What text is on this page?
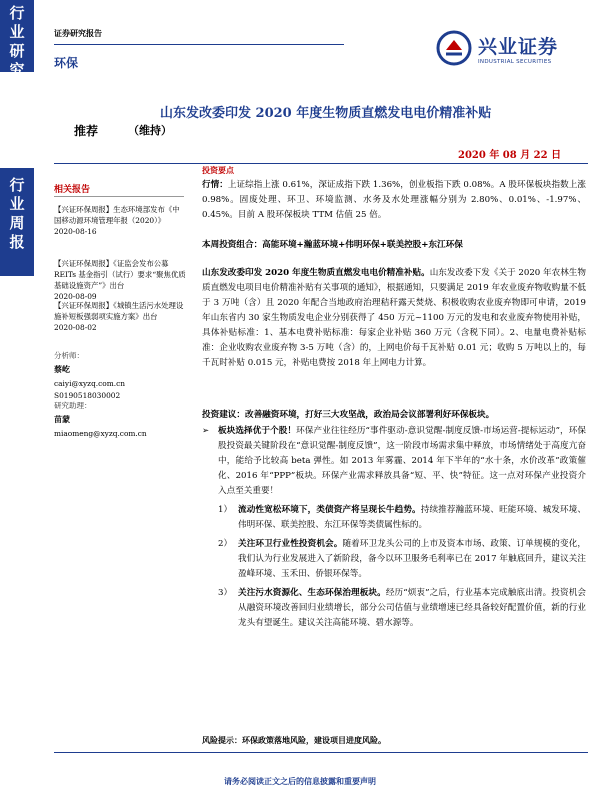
行
业
研
究
行
业
周
报
证券研究报告
环保
兴业证券
INDUSTRIAL SECURITIES
山东发改委印发 2020 年度生物质直燃发电电价精准补贴
推荐	（维持）
2020 年 08 月 22 日
投资要点
相关报告
【兴证环保周报】生态环境部发布《中国移动源环境管理年报（2020）》
2020-08-16
【兴证环保周报】《证监会发布公募 REITs 基金指引（试行）要求“聚焦优质基础设施资产”》出台
2020-08-09
【兴证环保周报】《城镇生活污水处理设施补短板强弱项实施方案》出台
2020-08-02
分析师：
蔡屹
caiyi@xyzq.com.cn
S0190518030002
研究助理：
苗蒙
miaomeng@xyzq.com.cn
行情：上证综指上涨 0.61%，深证成指下跌 1.36%，创业板指下跌 0.08%。A 股环保板块指数上涨 0.98%。固废处理、环卫、环境监测、水务及水处理涨幅分别为 2.80%、0.01%、-1.97%、0.45%。目前 A 股环保板块 TTM 估值 25 倍。
本周投资组合：高能环境+瀚蓝环境+伟明环保+联美控股+东江环保
山东发改委印发 2020 年度生物质直燃发电电价精准补贴。山东发改委下发《关于 2020 年农林生物质直燃发电项目电价精准补贴有关事项的通知》，根据通知，只要满足 2019 年农业废弃物收购量不低于 3 万吨（含）且 2020 年配合当地政府治理秸秆露天焚烧、积极收购农业废弃物即可申请，2019 年山东省内 30 家生物质发电企业分别获得了 450 万元~1100 万元的发电和农业废弃物使用补贴，具体补贴标准：1、基本电费补贴标准：每家企业补贴 360 万元（含税下同）。2、电量电费补贴标准：企业收购农业废弃物 3-5 万吨（含）的，上网电价每千瓦补贴 0.01 元；收购 5 万吨以上的，每千瓦时补贴 0.015 元，补贴电费按 2018 年上网电力计算。
投资建议：改善融资环境，打好三大攻坚战，政治局会议部署利好环保板块。
➢	板块选择优于个股！环保产业往往经历“事件驱动-意识觉醒-制度反馈-市场运营-提标运动”，环保股投资最关键阶段在“意识觉醒-制度反馈”，这一阶段市场需求集中释放，市场情绪处于高度亢奋中，能给予比较高 beta 弹性。如 2013 年雾霾、2014 年下半年的“水十条，水价改革”政策催化、2016 年“PPP”板块。环保产业需求释放具备“短、平、快”特征。这一点对环保产业投资介入点至关重要！
1） 流动性宽松环境下，类债资产将呈现长牛趋势。持续推荐瀚蓝环境、旺能环境、城发环境、伟明环保、联美控股、东江环保等类债属性标的。
2） 关注环卫行业性投资机会。随着环卫龙头公司的上市及资本市场、政策、订单规模的变化，我们认为行业发展进入了新阶段，备今以环卫服务毛利率已在 2017 年触底回升，建议关注盈峰环境、玉禾田、侨银环保等。
3） 关注污水资源化、生态环保治理板块。经历“烦衷”之后，行业基本完成触底出清。投资机会从融资环境改善回归业绩增长，部分公司估值与业绩增速已经具备较好配置价值，新的行业龙头有望诞生。建议关注高能环境、碧水源等。
风险提示：环保政策落地风险，建设项目进度风险。
请务必阅读正文之后的信息披露和重要声明
